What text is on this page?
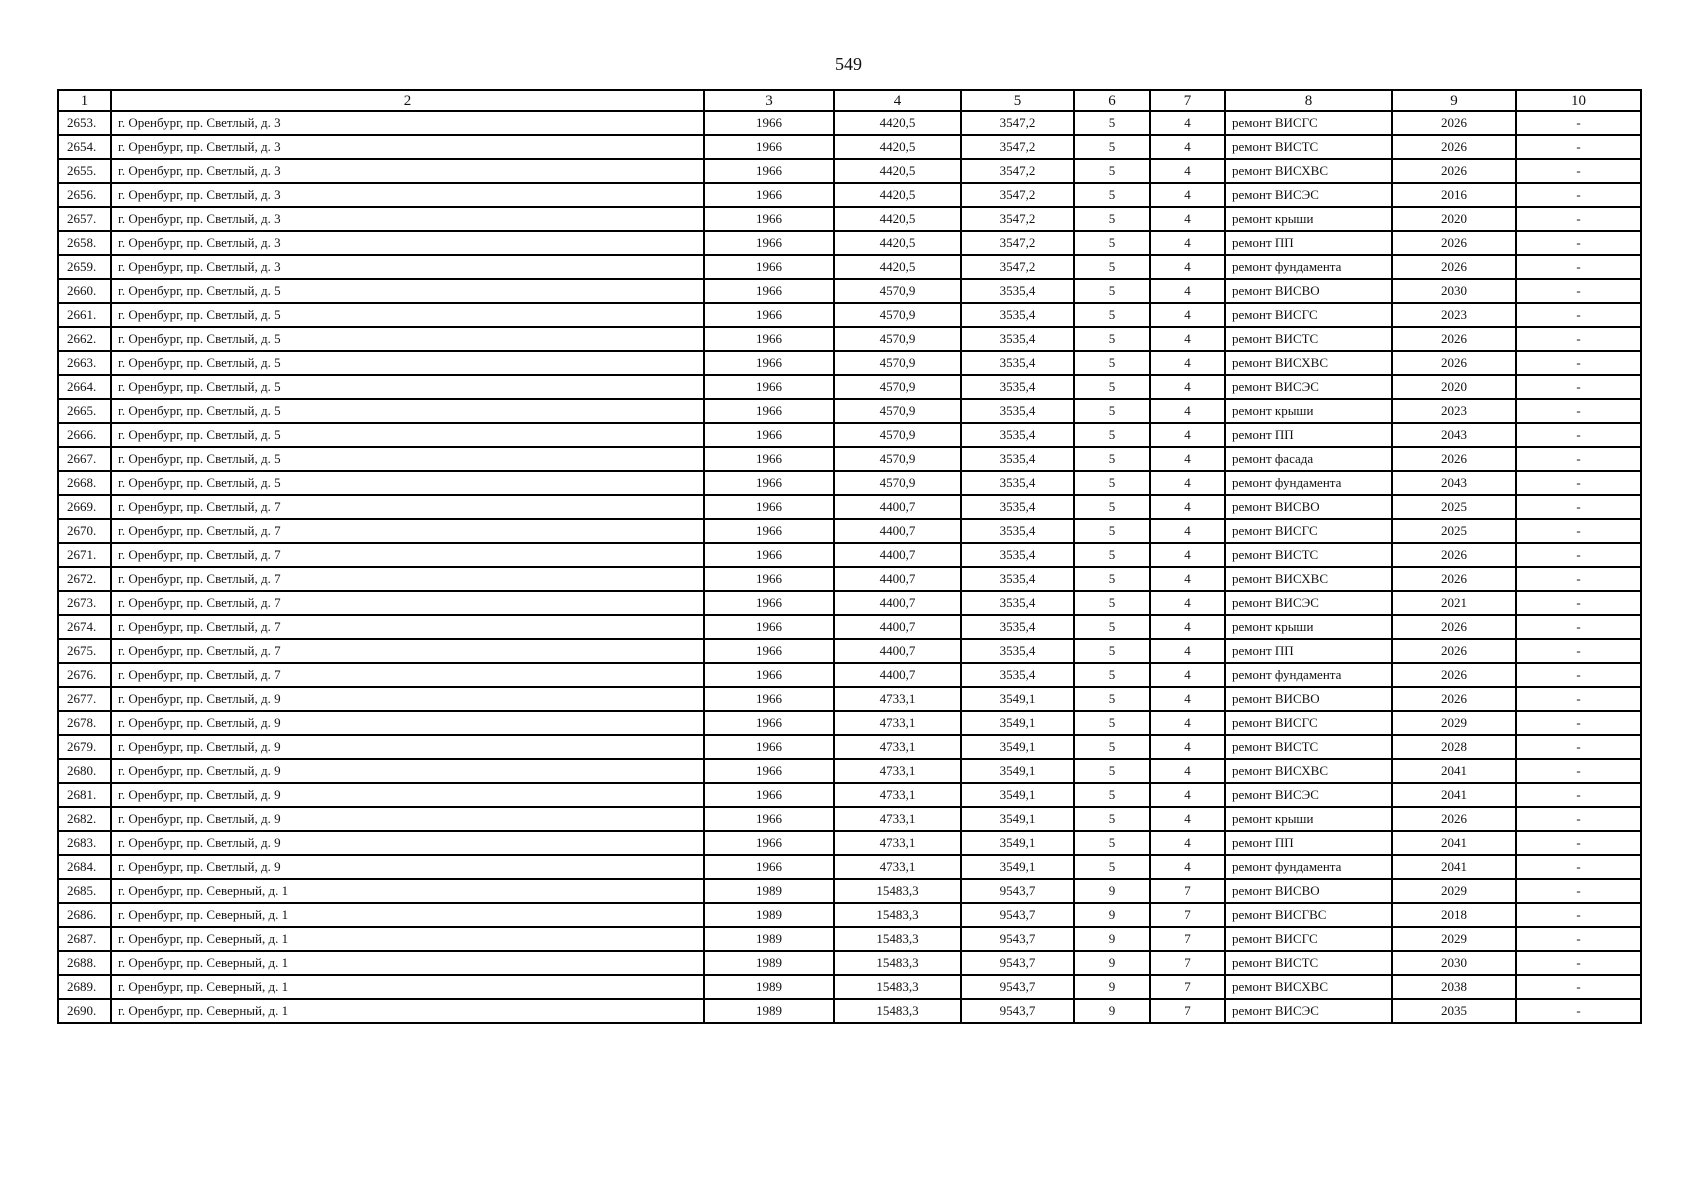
549
1	2	3	4	5	6	7	8	9	10
2653.	г. Оренбург, пр. Светлый, д. 3	1966	4420,5	3547,2	5	4	ремонт ВИСГС	2026	-
2654.	г. Оренбург, пр. Светлый, д. 3	1966	4420,5	3547,2	5	4	ремонт ВИСТС	2026	-
2655.	г. Оренбург, пр. Светлый, д. 3	1966	4420,5	3547,2	5	4	ремонт ВИСХВС	2026	-
2656.	г. Оренбург, пр. Светлый, д. 3	1966	4420,5	3547,2	5	4	ремонт ВИСЭС	2016	-
2657.	г. Оренбург, пр. Светлый, д. 3	1966	4420,5	3547,2	5	4	ремонт крыши	2020	-
2658.	г. Оренбург, пр. Светлый, д. 3	1966	4420,5	3547,2	5	4	ремонт ПП	2026	-
2659.	г. Оренбург, пр. Светлый, д. 3	1966	4420,5	3547,2	5	4	ремонт фундамента	2026	-
2660.	г. Оренбург, пр. Светлый, д. 5	1966	4570,9	3535,4	5	4	ремонт ВИСВО	2030	-
2661.	г. Оренбург, пр. Светлый, д. 5	1966	4570,9	3535,4	5	4	ремонт ВИСГС	2023	-
2662.	г. Оренбург, пр. Светлый, д. 5	1966	4570,9	3535,4	5	4	ремонт ВИСТС	2026	-
2663.	г. Оренбург, пр. Светлый, д. 5	1966	4570,9	3535,4	5	4	ремонт ВИСХВС	2026	-
2664.	г. Оренбург, пр. Светлый, д. 5	1966	4570,9	3535,4	5	4	ремонт ВИСЭС	2020	-
2665.	г. Оренбург, пр. Светлый, д. 5	1966	4570,9	3535,4	5	4	ремонт крыши	2023	-
2666.	г. Оренбург, пр. Светлый, д. 5	1966	4570,9	3535,4	5	4	ремонт ПП	2043	-
2667.	г. Оренбург, пр. Светлый, д. 5	1966	4570,9	3535,4	5	4	ремонт фасада	2026	-
2668.	г. Оренбург, пр. Светлый, д. 5	1966	4570,9	3535,4	5	4	ремонт фундамента	2043	-
2669.	г. Оренбург, пр. Светлый, д. 7	1966	4400,7	3535,4	5	4	ремонт ВИСВО	2025	-
2670.	г. Оренбург, пр. Светлый, д. 7	1966	4400,7	3535,4	5	4	ремонт ВИСГС	2025	-
2671.	г. Оренбург, пр. Светлый, д. 7	1966	4400,7	3535,4	5	4	ремонт ВИСТС	2026	-
2672.	г. Оренбург, пр. Светлый, д. 7	1966	4400,7	3535,4	5	4	ремонт ВИСХВС	2026	-
2673.	г. Оренбург, пр. Светлый, д. 7	1966	4400,7	3535,4	5	4	ремонт ВИСЭС	2021	-
2674.	г. Оренбург, пр. Светлый, д. 7	1966	4400,7	3535,4	5	4	ремонт крыши	2026	-
2675.	г. Оренбург, пр. Светлый, д. 7	1966	4400,7	3535,4	5	4	ремонт ПП	2026	-
2676.	г. Оренбург, пр. Светлый, д. 7	1966	4400,7	3535,4	5	4	ремонт фундамента	2026	-
2677.	г. Оренбург, пр. Светлый, д. 9	1966	4733,1	3549,1	5	4	ремонт ВИСВО	2026	-
2678.	г. Оренбург, пр. Светлый, д. 9	1966	4733,1	3549,1	5	4	ремонт ВИСГС	2029	-
2679.	г. Оренбург, пр. Светлый, д. 9	1966	4733,1	3549,1	5	4	ремонт ВИСТС	2028	-
2680.	г. Оренбург, пр. Светлый, д. 9	1966	4733,1	3549,1	5	4	ремонт ВИСХВС	2041	-
2681.	г. Оренбург, пр. Светлый, д. 9	1966	4733,1	3549,1	5	4	ремонт ВИСЭС	2041	-
2682.	г. Оренбург, пр. Светлый, д. 9	1966	4733,1	3549,1	5	4	ремонт крыши	2026	-
2683.	г. Оренбург, пр. Светлый, д. 9	1966	4733,1	3549,1	5	4	ремонт ПП	2041	-
2684.	г. Оренбург, пр. Светлый, д. 9	1966	4733,1	3549,1	5	4	ремонт фундамента	2041	-
2685.	г. Оренбург, пр. Северный, д. 1	1989	15483,3	9543,7	9	7	ремонт ВИСВО	2029	-
2686.	г. Оренбург, пр. Северный, д. 1	1989	15483,3	9543,7	9	7	ремонт ВИСГВС	2018	-
2687.	г. Оренбург, пр. Северный, д. 1	1989	15483,3	9543,7	9	7	ремонт ВИСГС	2029	-
2688.	г. Оренбург, пр. Северный, д. 1	1989	15483,3	9543,7	9	7	ремонт ВИСТС	2030	-
2689.	г. Оренбург, пр. Северный, д. 1	1989	15483,3	9543,7	9	7	ремонт ВИСХВС	2038	-
2690.	г. Оренбург, пр. Северный, д. 1	1989	15483,3	9543,7	9	7	ремонт ВИСЭС	2035	-
